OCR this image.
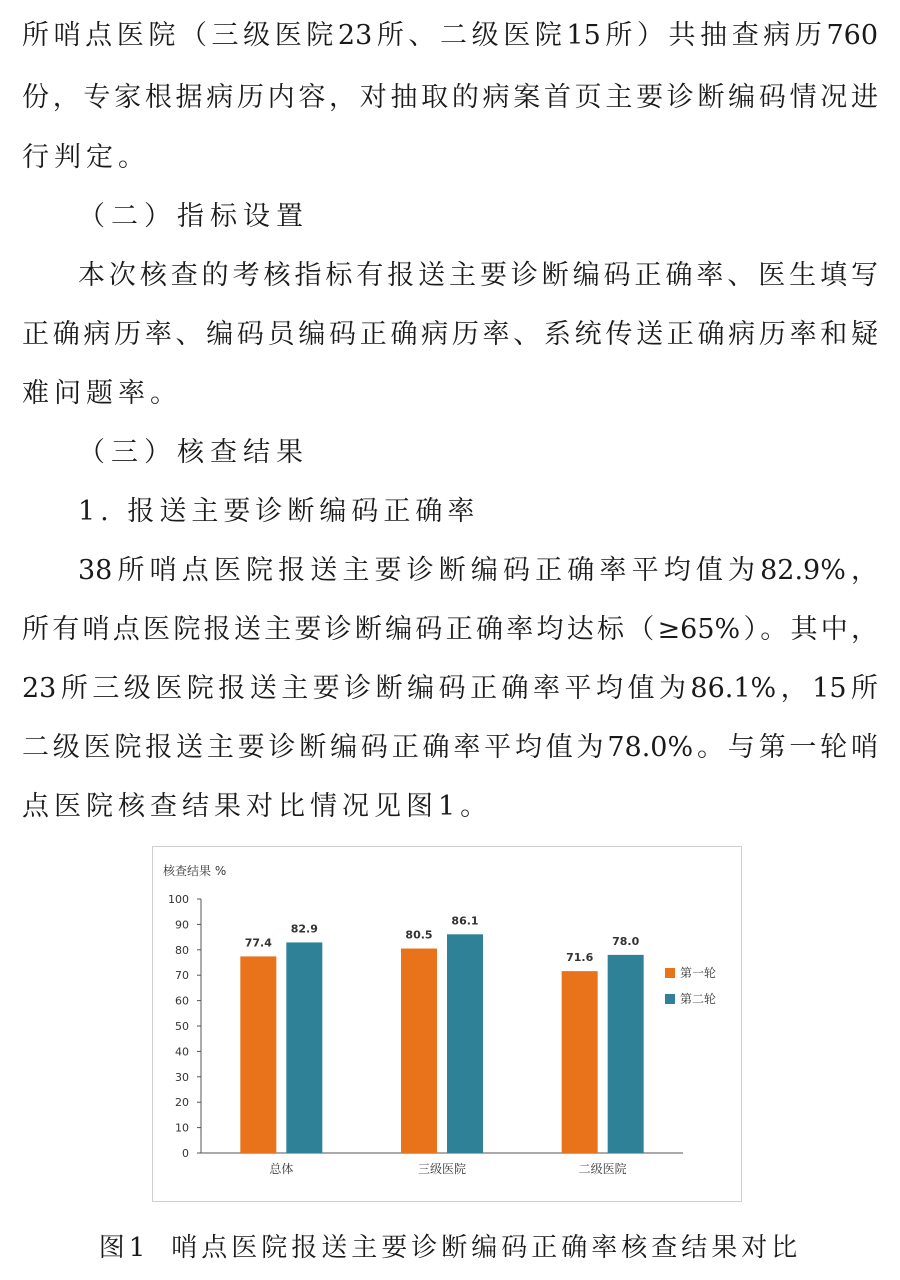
所哨点医院（三级医院23所、二级医院15所）共抽查病历760
份，专家根据病历内容，对抽取的病案首页主要诊断编码情况进
行判定。
（二）指标设置
本次核查的考核指标有报送主要诊断编码正确率、医生填写
正确病历率、编码员编码正确病历率、系统传送正确病历率和疑
难问题率。
（三）核查结果
1. 报送主要诊断编码正确率
38所哨点医院报送主要诊断编码正确率平均值为82.9%，
所有哨点医院报送主要诊断编码正确率均达标（≥65%）。其中，
23所三级医院报送主要诊断编码正确率平均值为86.1%，15所
二级医院报送主要诊断编码正确率平均值为78.0%。与第一轮哨
点医院核查结果对比情况见图1。
核查结果 %
0
10
20
30
40
50
60
70
80
90
100
77.4
82.9
总体
80.5
86.1
三级医院
71.6
78.0
二级医院
第一轮
第二轮
图1 哨点医院报送主要诊断编码正确率核查结果对比
